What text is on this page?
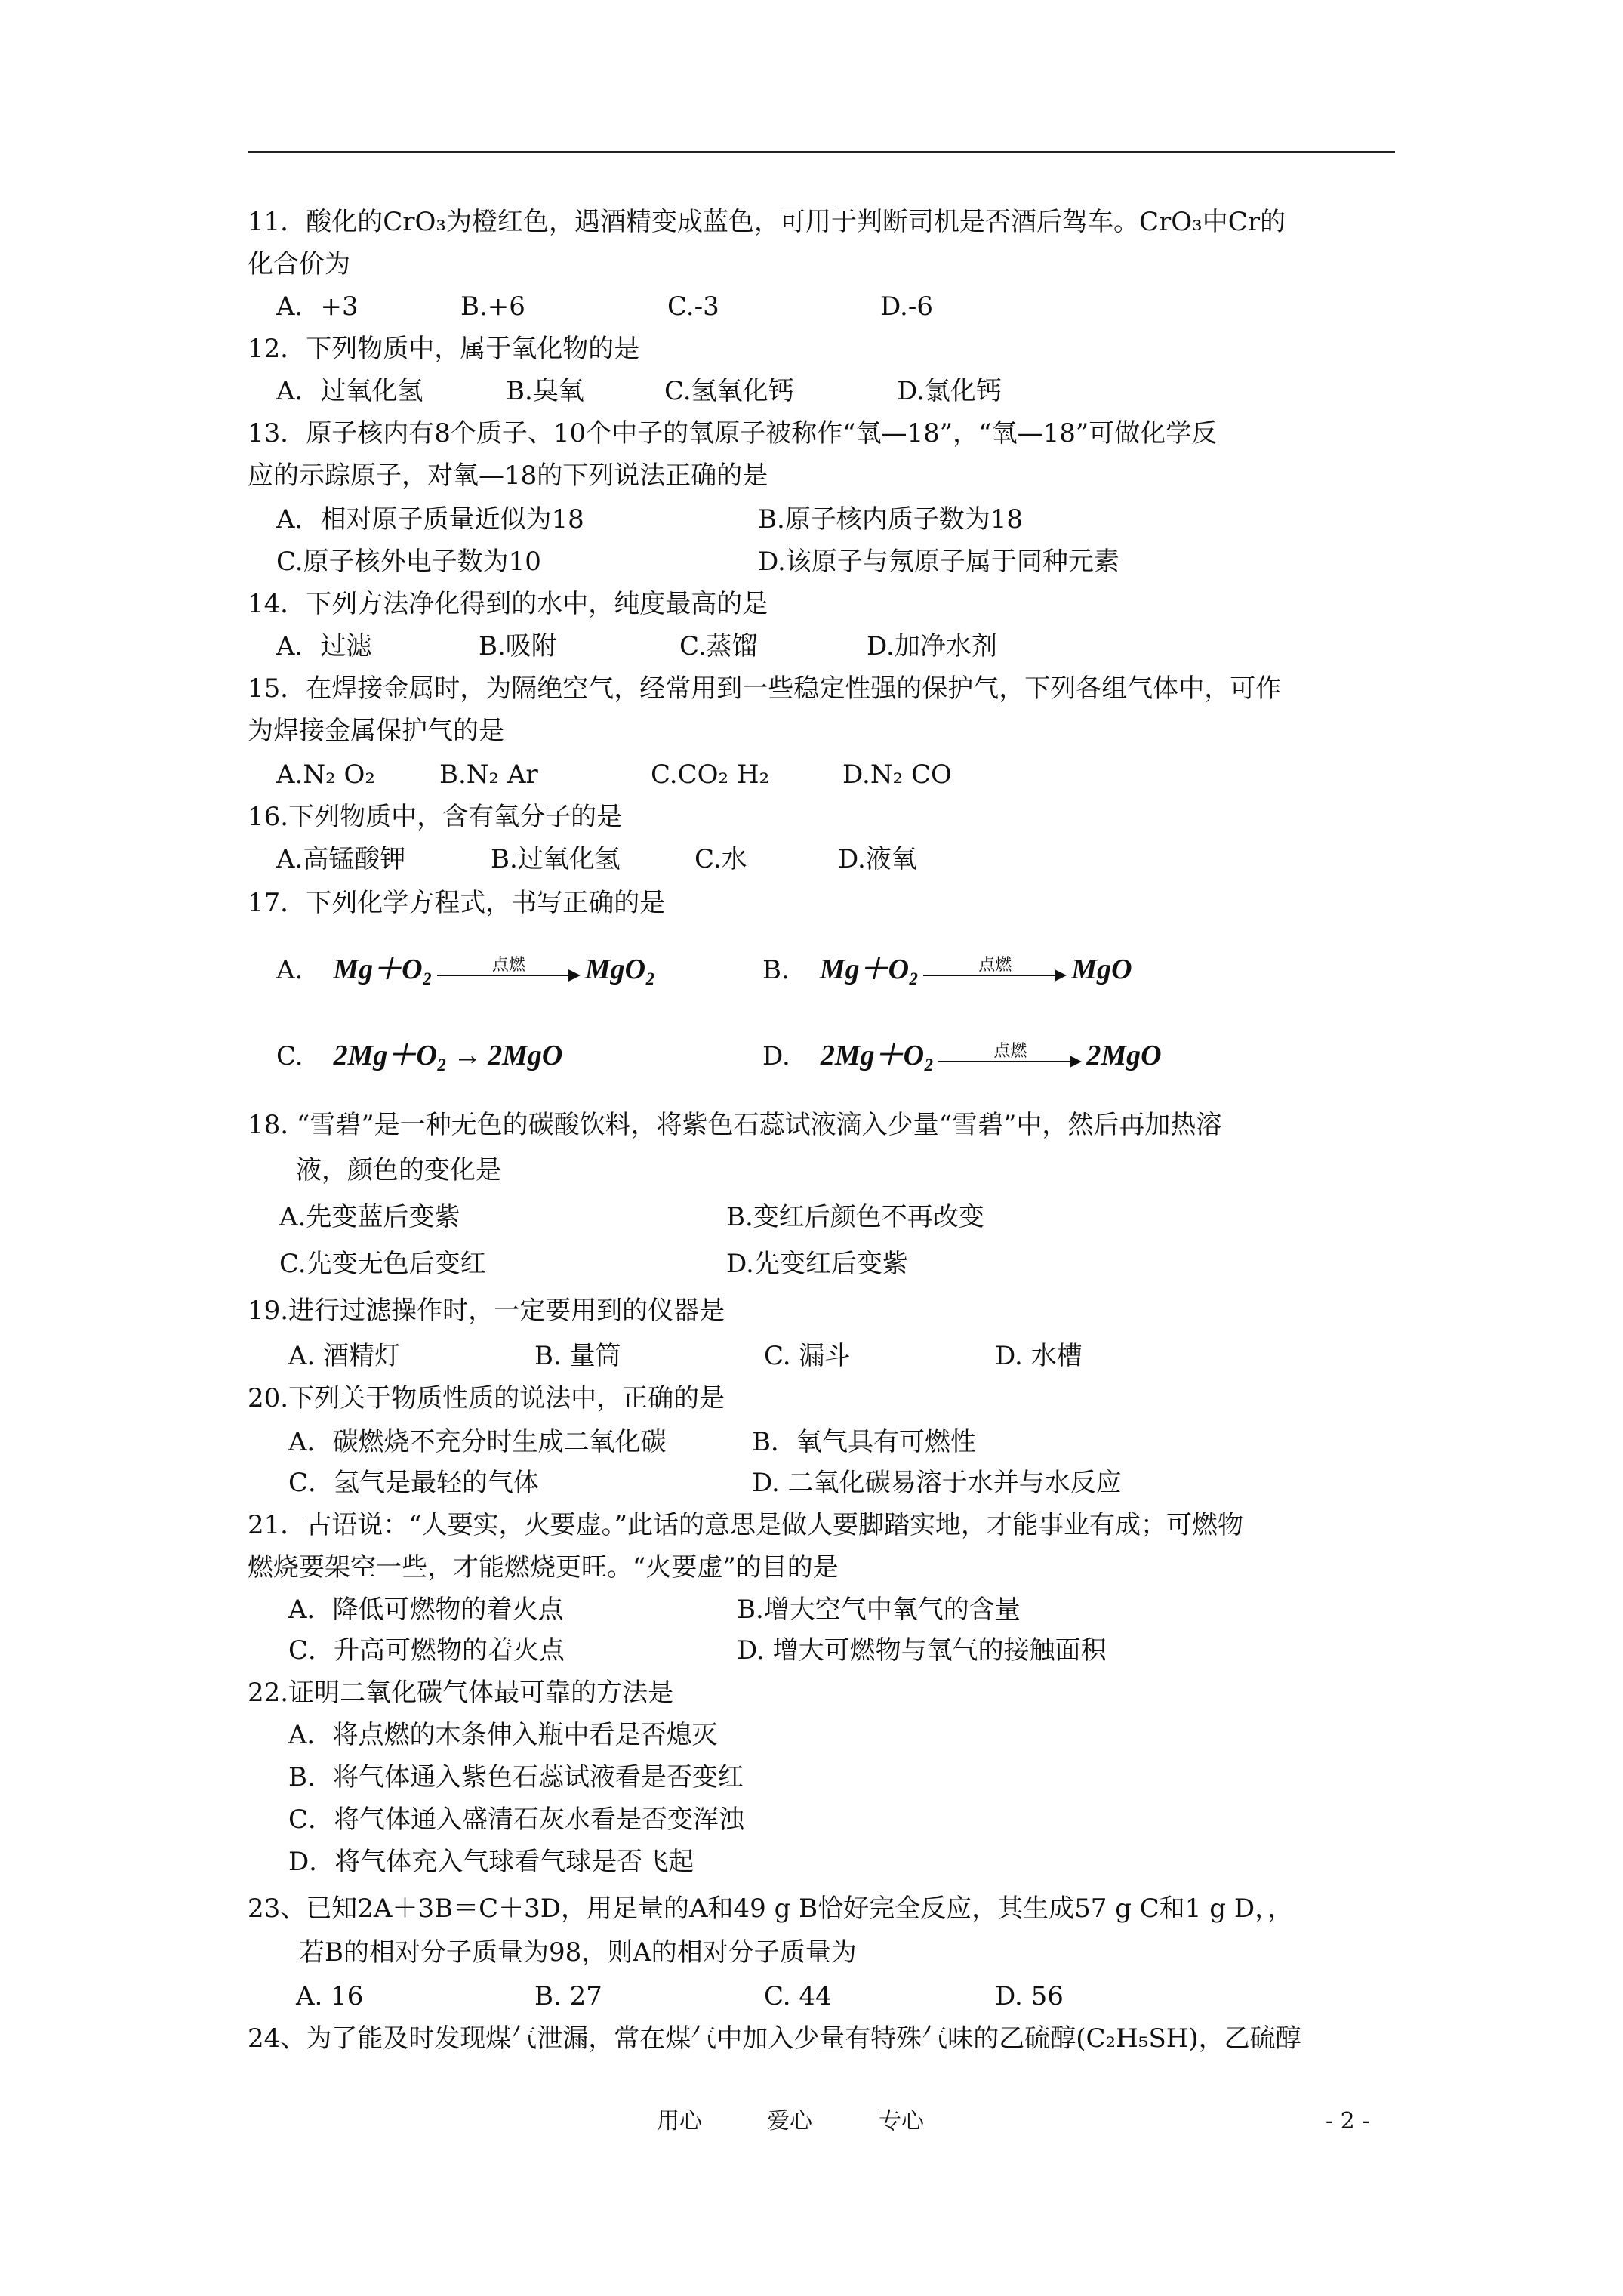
11．酸化的CrO₃为橙红色，遇酒精变成蓝色，可用于判断司机是否酒后驾车。CrO₃中Cr的
化合价为
A．+3	B.+6	C.-3	D.-6
12．下列物质中，属于氧化物的是
A．过氧化氢	B.臭氧	C.氢氧化钙	D.氯化钙
13．原子核内有8个质子、10个中子的氧原子被称作“氧—18”，“氧—18”可做化学反
应的示踪原子，对氧—18的下列说法正确的是
A．相对原子质量近似为18	B.原子核内质子数为18
C.原子核外电子数为10	D.该原子与氖原子属于同种元素
14．下列方法净化得到的水中，纯度最高的是
A．过滤	B.吸附	C.蒸馏	D.加净水剂
15．在焊接金属时，为隔绝空气，经常用到一些稳定性强的保护气，下列各组气体中，可作
为焊接金属保护气的是
A.N₂ O₂ B.N₂ Ar	C.CO₂ H₂	D.N₂ CO
16.下列物质中，含有氧分子的是
A.高锰酸钾	B.过氧化氢	C.水	D.液氧
17．下列化学方程式，书写正确的是
A. Mg＋O₂	点燃	MgO₂	B. Mg＋O₂	点燃	MgO
C. 2Mg＋O₂ → 2MgO	D. 2Mg＋O₂	点燃	2MgO
18. “雪碧”是一种无色的碳酸饮料，将紫色石蕊试液滴入少量“雪碧”中，然后再加热溶
液，颜色的变化是
A.先变蓝后变紫	B.变红后颜色不再改变
C.先变无色后变红	D.先变红后变紫
19.进行过滤操作时，一定要用到的仪器是
A. 酒精灯	B. 量筒	C. 漏斗	D. 水槽
20.下列关于物质性质的说法中，正确的是
A．碳燃烧不充分时生成二氧化碳	B．氧气具有可燃性
C．氢气是最轻的气体	D. 二氧化碳易溶于水并与水反应
21．古语说：“人要实，火要虚。”此话的意思是做人要脚踏实地，才能事业有成；可燃物
燃烧要架空一些，才能燃烧更旺。“火要虚”的目的是
A．降低可燃物的着火点	B.增大空气中氧气的含量
C．升高可燃物的着火点	D. 增大可燃物与氧气的接触面积
22.证明二氧化碳气体最可靠的方法是
A．将点燃的木条伸入瓶中看是否熄灭
B．将气体通入紫色石蕊试液看是否变红
C．将气体通入盛清石灰水看是否变浑浊
D．将气体充入气球看气球是否飞起
23、已知2A＋3B＝C＋3D，用足量的A和49 g B恰好完全反应，其生成57 g C和1 g D，，
若B的相对分子质量为98，则A的相对分子质量为
A. 16	B. 27	C. 44	D. 56
24、为了能及时发现煤气泄漏，常在煤气中加入少量有特殊气味的乙硫醇(C₂H₅SH)，乙硫醇
用心	爱心	专心	- 2 -
